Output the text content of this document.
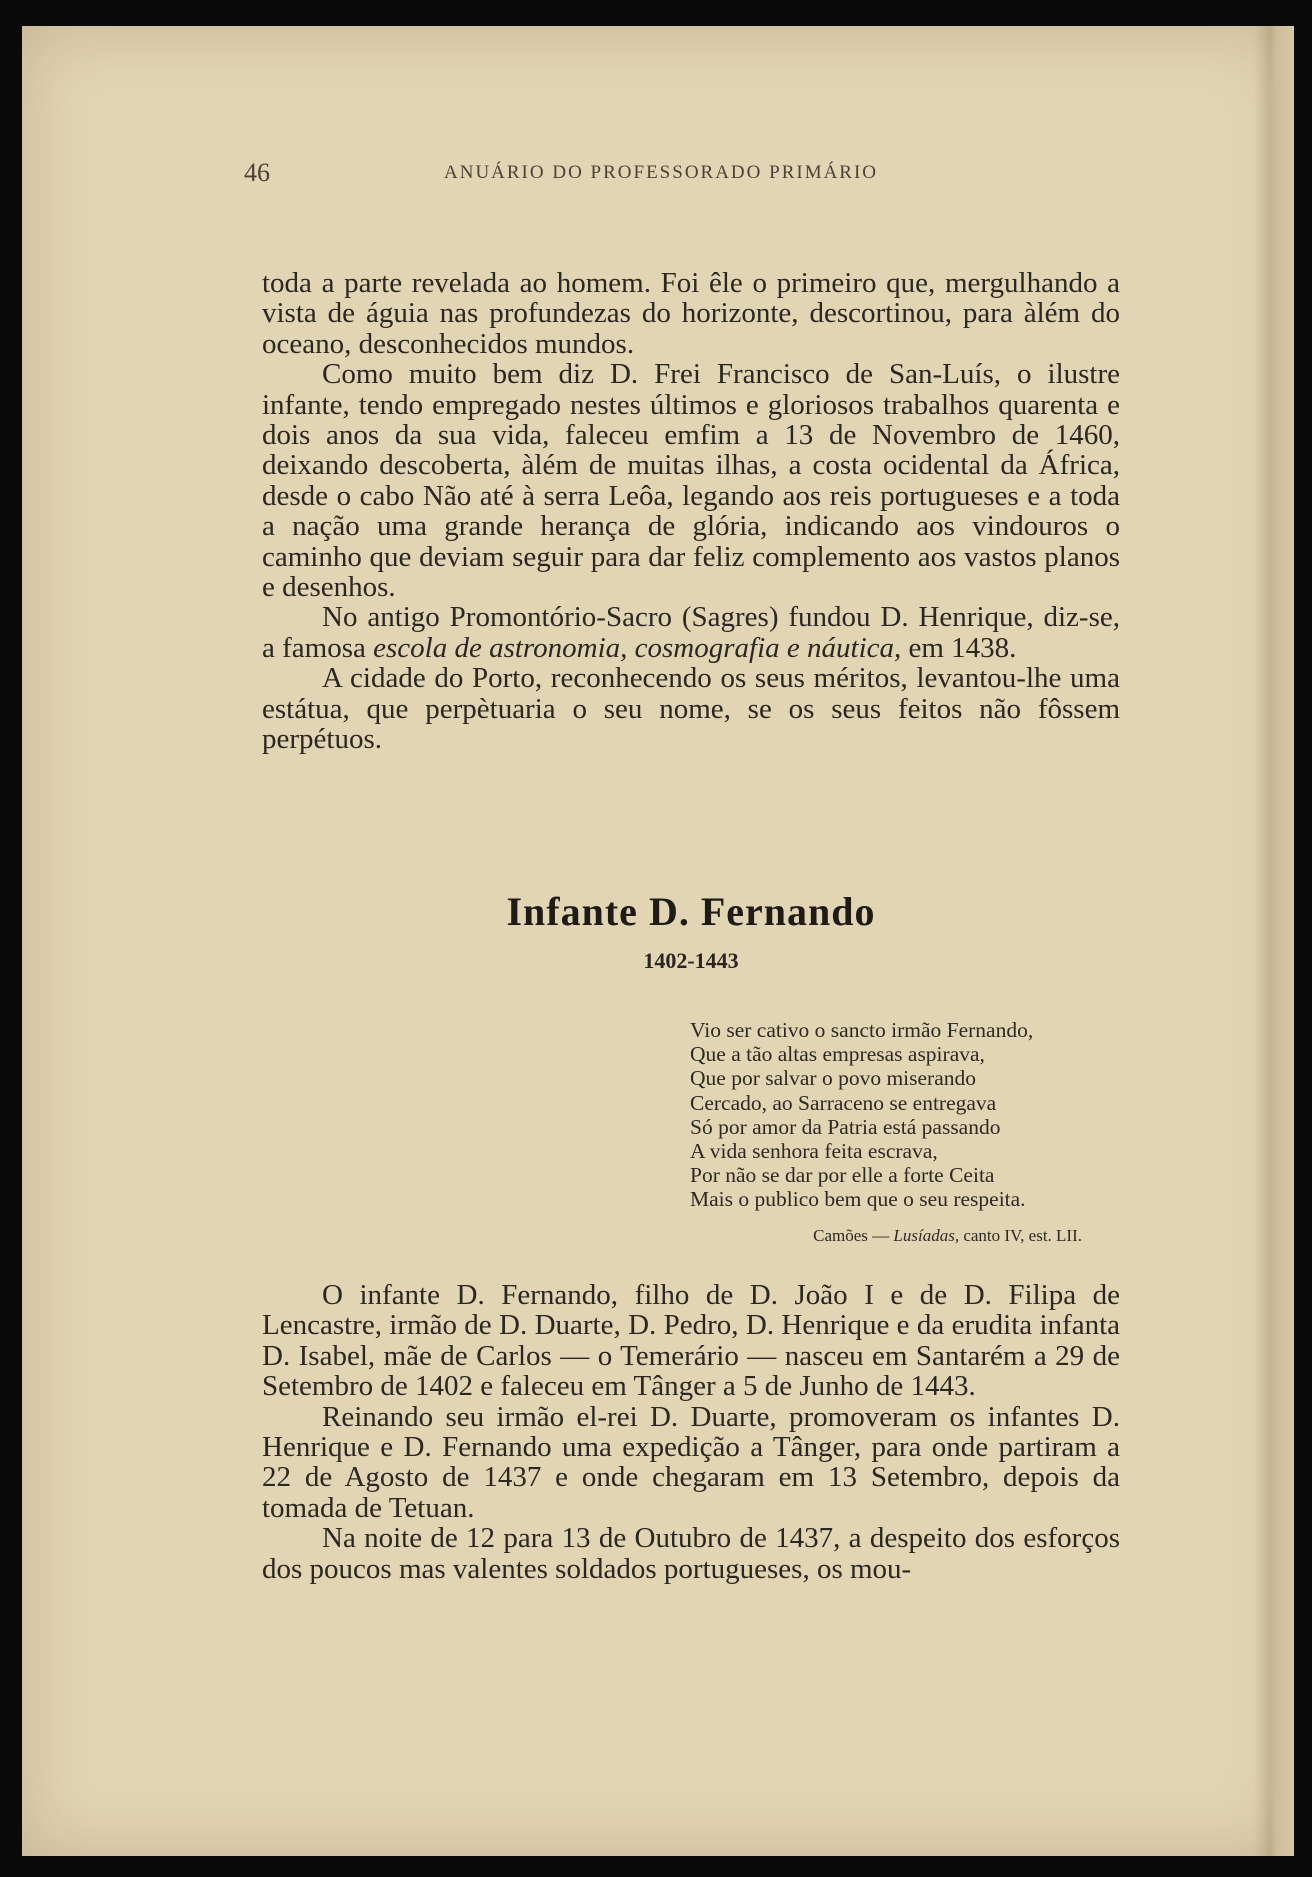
46	ANUÁRIO DO PROFESSORADO PRIMÁRIO

toda a parte revelada ao homem. Foi êle o primeiro que, mergulhando a vista de águia nas profundezas do horizonte, descortinou, para àlém do oceano, desconhecidos mundos.

Como muito bem diz D. Frei Francisco de San-Luís, o ilustre infante, tendo empregado nestes últimos e gloriosos trabalhos quarenta e dois anos da sua vida, faleceu emfim a 13 de Novembro de 1460, deixando descoberta, àlém de muitas ilhas, a costa ocidental da África, desde o cabo Não até à serra Leôa, legando aos reis portugueses e a toda a nação uma grande herança de glória, indicando aos vindouros o caminho que deviam seguir para dar feliz complemento aos vastos planos e desenhos.

No antigo Promontório-Sacro (Sagres) fundou D. Henrique, diz-se, a famosa escola de astronomia, cosmografia e náutica, em 1438.

A cidade do Porto, reconhecendo os seus méritos, levantou-lhe uma estátua, que perpètuaria o seu nome, se os seus feitos não fôssem perpétuos.

Infante D. Fernando
1402-1443
Vio ser cativo o sancto irmão Fernando,
Que a tão altas empresas aspirava,
Que por salvar o povo miserando
Cercado, ao Sarraceno se entregava
Só por amor da Patria está passando
A vida senhora feita escrava,
Por não se dar por elle a forte Ceita
Mais o publico bem que o seu respeita.
Camões — Lusíadas, canto IV, est. LII.

O infante D. Fernando, filho de D. João I e de D. Filipa de Lencastre, irmão de D. Duarte, D. Pedro, D. Henrique e da erudita infanta D. Isabel, mãe de Carlos — o Temerário — nasceu em Santarém a 29 de Setembro de 1402 e faleceu em Tânger a 5 de Junho de 1443.

Reinando seu irmão el-rei D. Duarte, promoveram os infantes D. Henrique e D. Fernando uma expedição a Tânger, para onde partiram a 22 de Agosto de 1437 e onde chegaram em 13 Setembro, depois da tomada de Tetuan.

Na noite de 12 para 13 de Outubro de 1437, a despeito dos esforços dos poucos mas valentes soldados portugueses, os mou-
